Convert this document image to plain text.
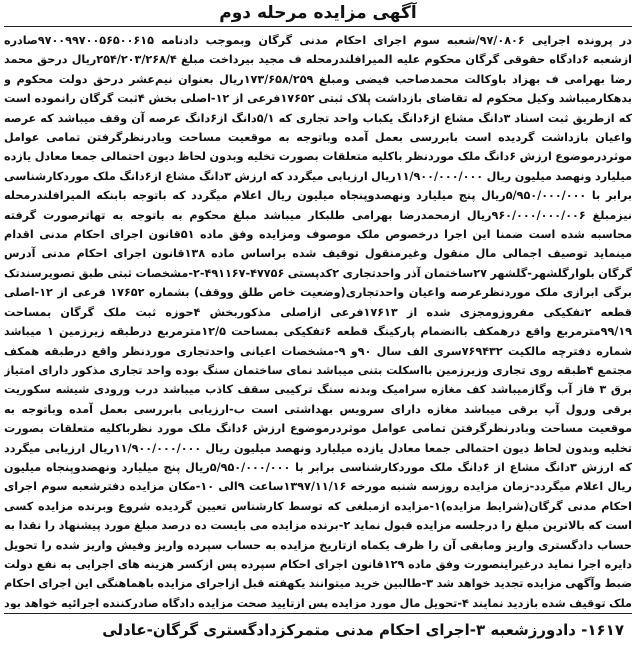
آگهی مزایده مرحله دوم

در پرونده اجرایی ۹۷/۰۸۰۶/شعبه سوم اجرای احکام مدنی گرگان وبموجب دادنامه ۹۷۰۰۹۹۷۰۰۵۶۵۰۰۶۱۵صادره ازشعبه ۶دادگاه حقوقی گرگان محکوم علیه المیرافلندرمحله ف مجید بیرداخت مبلغ ۲۵۴/۲۰۳/۲۶۸/۴ریال درحق محمد رضا بهرامی ف بهزاد باوکالت محمدصاحب فیضی ومبلغ ۱۷۳/۶۵۸/۲۵۹ریال بعنوان نیم‌عشر درحق دولت محکوم و بدهکارمیباشد وکیل محکوم له تقاضای بازداشت پلاک ثبتی ۱۷۶۵۲فرعی از ۱۲-اصلی بخش ۴ثبت گرگان رانموده است که ازطریق ثبت اسناد ۳دانگ مشاع از۶دانگ یکباب واحد تجاری که ۵/۱دانگ از۶دانگ عرصه آن وقف میباشد که عرصه واعیان بازداشت گردیده است بابررسی بعمل آمده وباتوجه به موقعیت مساحت وبادرنظرگرفتن تمامی عوامل موثردرموضوع ارزش ۶دانگ ملک موردنظر باکلیه متعلقات بصورت تخلیه وبدون لحاظ دیون احتمالی جمعا معادل یازده میلیارد ونهصد میلیون ریال ۱۱/۹۰۰/۰۰۰/۰۰۰ریال ارزیابی میگردد که ارزش ۳دانگ مشاع از۶دانگ ملک موردکارشناسی برابر با ۵/۹۵۰/۰۰۰/۰۰۰ریال پنج میلیارد ونهصدوپنجاه میلیون ریال اعلام میگردد که باتوجه بابنکه المیرافلندرمحله نیزمبلغ ۹۶۰/۰۰۰/۰۰۰/۰۰۶ریال ازمحمدرضا بهرامی طلبکار میباشد مبلغ محکوم به باتوجه به تهاترصورت گرفته محاسبه شده است ضمنا این اجرا درخصوص ملک موصوف ومزایده وفق ماده ۵۱قانون اجرای احکام مدنی اقدام مینماید توصیف اجمالی مال منقول وغیرمنقول توقیف شده براساس ماده ۱۳۸قانون اجرای احکام مدنی آدرس گرگان بلوارگلشهر-گلشهر ۲۷ساختمان آذر واحدتجاری ۲کدپستی ۴۷۷۵۶-۴۹۱۱۶۷-۲-مشخصات ثبتی طبق تصویرسندتک برگی ابرازی ملک موردنظرعرصه واعیان واحدتجاری(وضعیت خاص طلق ووقف) بشماره ۱۷۶۵۲ فرعی از ۱۲-اصلی قطعه ۲تفکیکی مفروزومجزی شده از ۱۷۶۱۳فرعی ازاصلی مذکوربخش ۴حوزه ثبت ملک گرگان بمساحت ۹۹/۱۹مترمربع واقع درهمکف باانضمام پارکینگ قطعه ۶تفکیکی بمساحت ۱۲/۵مترمربع درطبقه زیرزمین ۱ میباشد شماره دفترچه مالکیت ۷۶۹۴۳۲سری الف سال ۹۰و ۹-مشخصات اعیانی واحدتجاری موردنظر واقع درطبقه همکف مجتمع ۴طبقه روی تجاری وزیرزمین بااسکلت بتنی میباشد نمای ساختمان سنگ بوده واحد تجاری مذکور دارای امتیاز برق ۳ فاز آب وگازمیباشد کف مغازه سرامیک وبدنه سنگ ترکیبی سقف کاذب میباشد درب ورودی شیشه سکوریت برقی ورول آپ برقی میباشد مغازه دارای سرویس بهداشتی است ب-ارزیابی بابررسی بعمل آمده وباتوجه به موقعیت مساحت وبادرنظرگرفتن تمامی عوامل موثردرموضوع ارزش ۶دانگ ملک مورد نظرباکلیه متعلقات بصورت تخلیه وبدون لحاظ دیون احتمالی جمعا معادل یازده میلیارد ونهصد میلیون ریال ۱۱/۹۰۰/۰۰۰/۰۰۰ریال ارزیابی میگردد که ارزش ۳دانگ مشاع از ۶دانگ ملک موردکارشناسی برابر با ۵/۹۵۰/۰۰۰/۰۰۰ریال پنج میلیارد ونهصدوپنجاه میلیون ریال اعلام میگردد-زمان مزایده روزسه شنبه مورخه ۱۳۹۷/۱۱/۱۶ساعت ۹الی ۱۰-مکان مزایده دفترشعبه سوم اجرای احکام مدنی گرگان(شرایط مزایده)۱-مزایده ازمبلغی که توسط کارشناس تعیین گردیده شروع وبرنده مزایده کسی است که بالاترین مبلغ را درجلسه مزایده قبول نماید ۲-برنده مزایده می بایست ده درصد مبلغ مورد پیشنهاد را نقدا به حساب دادگستری واریز ومابقی آن را ظرف یکماه ازتاریخ مزایده به حساب سپرده واریز وفیش واریز شده را تحویل دایره اجرا نماید درغیراینصورت وفق ماده ۱۲۹قانون اجرای احکام سپرده پس ازکسر هزینه های اجرایی به نفع دولت ضبط وآگهی مزایده تجدید خواهد شد ۳-طالبین خرید میتوانند یکهفته قبل ازاجرای مزایده باهماهنگی این اجرای احکام ملک توقیف شده بازدید نمایند ۴-تحویل مال مورد مزایده پس ازتایید صحت مزایده دادگاه صادرکننده اجرائیه خواهد بود

۱۶۱۷- دادورزشعبه ۳-اجرای احکام مدنی متمرکزدادگستری گرگان-عادلی
